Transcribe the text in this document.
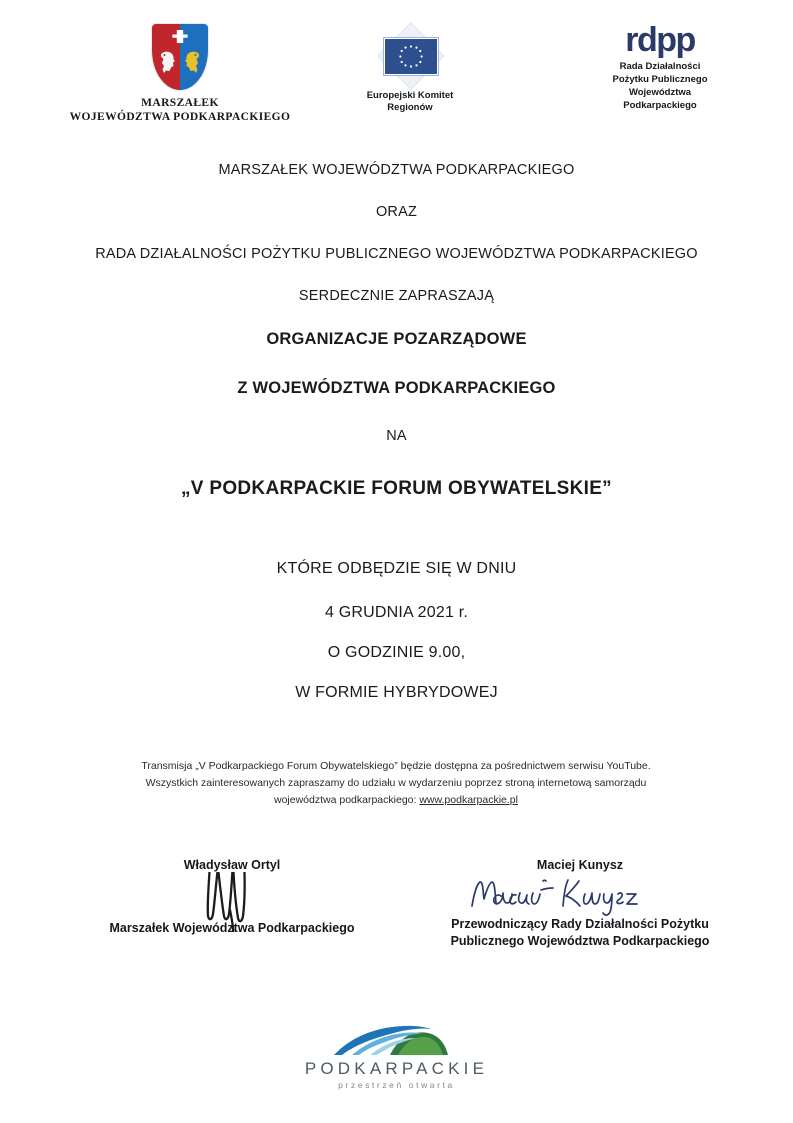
MARSZAŁEK
WOJEWÓDZTWA PODKARPACKIEGO
Europejski Komitet
Regionów
rdpp
Rada Działalności
Pożytku Publicznego
Województwa
Podkarpackiego
MARSZAŁEK WOJEWÓDZTWA PODKARPACKIEGO
ORAZ
RADA DZIAŁALNOŚCI POŻYTKU PUBLICZNEGO WOJEWÓDZTWA PODKARPACKIEGO
SERDECZNIE ZAPRASZAJĄ
ORGANIZACJE POZARZĄDOWE
Z WOJEWÓDZTWA PODKARPACKIEGO
NA
„V PODKARPACKIE FORUM OBYWATELSKIE”
KTÓRE ODBĘDZIE SIĘ W DNIU
4 GRUDNIA 2021 r.
O GODZINIE 9.00,
W FORMIE HYBRYDOWEJ
Transmisja „V Podkarpackiego Forum Obywatelskiego” będzie dostępna za pośrednictwem serwisu YouTube.
Wszystkich zainteresowanych zapraszamy do udziału w wydarzeniu poprzez stroną internetową samorządu
województwa podkarpackiego: www.podkarpackie.pl
Władysław Ortyl
Marszałek Województwa Podkarpackiego
Maciej Kunysz
Przewodniczący Rady Działalności Pożytku
Publicznego Województwa Podkarpackiego
PODKARPACKIE
przestrzeń otwarta
